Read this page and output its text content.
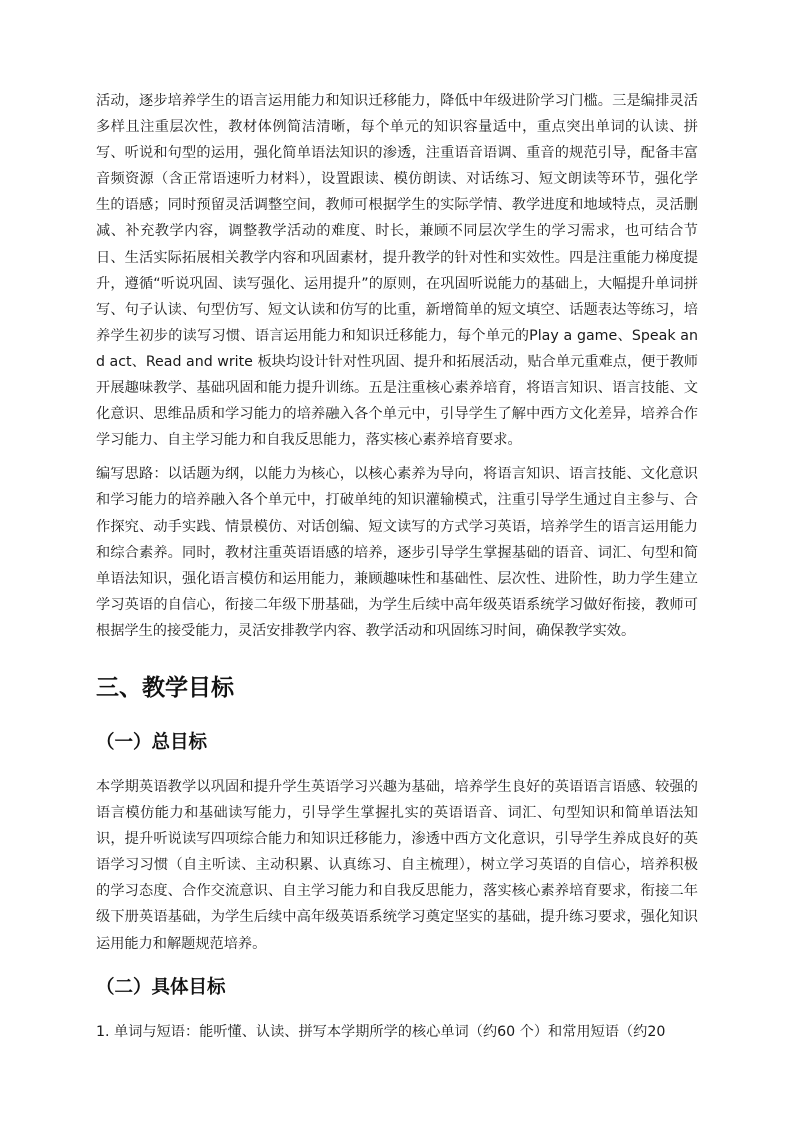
活动，逐步培养学生的语言运用能力和知识迁移能力，降低中年级进阶学习门槛。三是编排灵活多样且注重层次性，教材体例简洁清晰，每个单元的知识容量适中，重点突出单词的认读、拼写、听说和句型的运用，强化简单语法知识的渗透，注重语音语调、重音的规范引导，配备丰富音频资源（含正常语速听力材料），设置跟读、模仿朗读、对话练习、短文朗读等环节，强化学生的语感；同时预留灵活调整空间，教师可根据学生的实际学情、教学进度和地域特点，灵活删减、补充教学内容，调整教学活动的难度、时长，兼顾不同层次学生的学习需求，也可结合节日、生活实际拓展相关教学内容和巩固素材，提升教学的针对性和实效性。四是注重能力梯度提升，遵循“听说巩固、读写强化、运用提升”的原则，在巩固听说能力的基础上，大幅提升单词拼写、句子认读、句型仿写、短文认读和仿写的比重，新增简单的短文填空、话题表达等练习，培养学生初步的读写习惯、语言运用能力和知识迁移能力，每个单元的Play a game、Speak and act、Read and write 板块均设计针对性巩固、提升和拓展活动，贴合单元重难点，便于教师开展趣味教学、基础巩固和能力提升训练。五是注重核心素养培育，将语言知识、语言技能、文化意识、思维品质和学习能力的培养融入各个单元中，引导学生了解中西方文化差异，培养合作学习能力、自主学习能力和自我反思能力，落实核心素养培育要求。

编写思路：以话题为纲，以能力为核心，以核心素养为导向，将语言知识、语言技能、文化意识和学习能力的培养融入各个单元中，打破单纯的知识灌输模式，注重引导学生通过自主参与、合作探究、动手实践、情景模仿、对话创编、短文读写的方式学习英语，培养学生的语言运用能力和综合素养。同时，教材注重英语语感的培养，逐步引导学生掌握基础的语音、词汇、句型和简单语法知识，强化语言模仿和运用能力，兼顾趣味性和基础性、层次性、进阶性，助力学生建立学习英语的自信心，衔接二年级下册基础，为学生后续中高年级英语系统学习做好衔接，教师可根据学生的接受能力，灵活安排教学内容、教学活动和巩固练习时间，确保教学实效。

三、教学目标
（一）总目标

本学期英语教学以巩固和提升学生英语学习兴趣为基础，培养学生良好的英语语言语感、较强的语言模仿能力和基础读写能力，引导学生掌握扎实的英语语音、词汇、句型知识和简单语法知识，提升听说读写四项综合能力和知识迁移能力，渗透中西方文化意识，引导学生养成良好的英语学习习惯（自主听读、主动积累、认真练习、自主梳理），树立学习英语的自信心，培养积极的学习态度、合作交流意识、自主学习能力和自我反思能力，落实核心素养培育要求，衔接二年级下册英语基础，为学生后续中高年级英语系统学习奠定坚实的基础，提升练习要求，强化知识运用能力和解题规范培养。

（二）具体目标

1. 单词与短语：能听懂、认读、拼写本学期所学的核心单词（约60 个）和常用短语（约20
